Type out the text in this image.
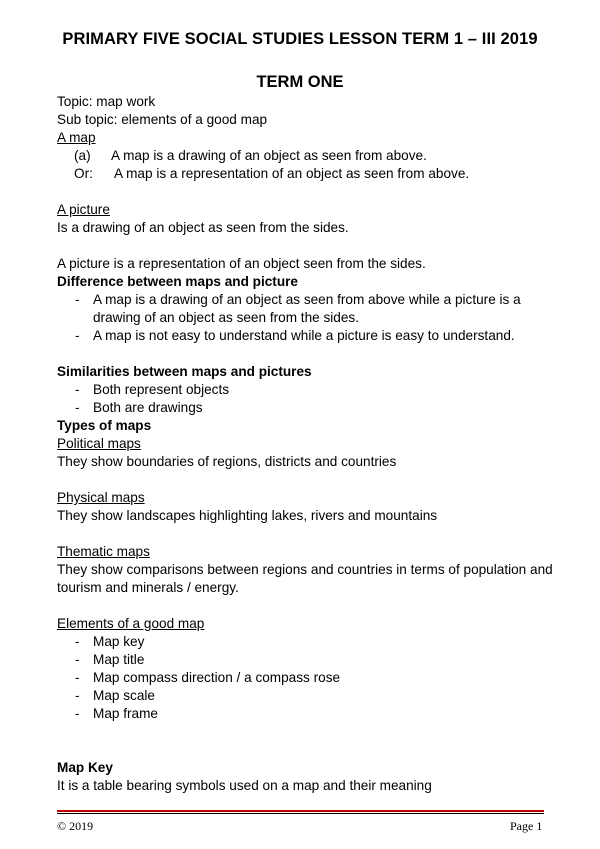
PRIMARY FIVE SOCIAL STUDIES LESSON TERM 1 – III 2019
TERM ONE
Topic: map work
Sub topic: elements of a good map
A map
(a)	A map is a drawing of an object as seen from above.
Or:	A map is a representation of an object as seen from above.
A picture
Is a drawing of an object as seen from the sides.
A picture is a representation of an object seen from the sides.
Difference between maps and picture
- A map is a drawing of an object as seen from above while a picture is a drawing of an object as seen from the sides.
- A map is not easy to understand while a picture is easy to understand.
Similarities between maps and pictures
- Both represent objects
- Both are drawings
Types of maps
Political maps
They show boundaries of regions, districts and countries
Physical maps
They show landscapes highlighting lakes, rivers and mountains
Thematic maps
They show comparisons between regions and countries in terms of population and tourism and minerals / energy.
Elements of a good map
- Map key
- Map title
- Map compass direction / a compass rose
- Map scale
- Map frame
Map Key
It is a table bearing symbols used on a map and their meaning
© 2019	Page 1
